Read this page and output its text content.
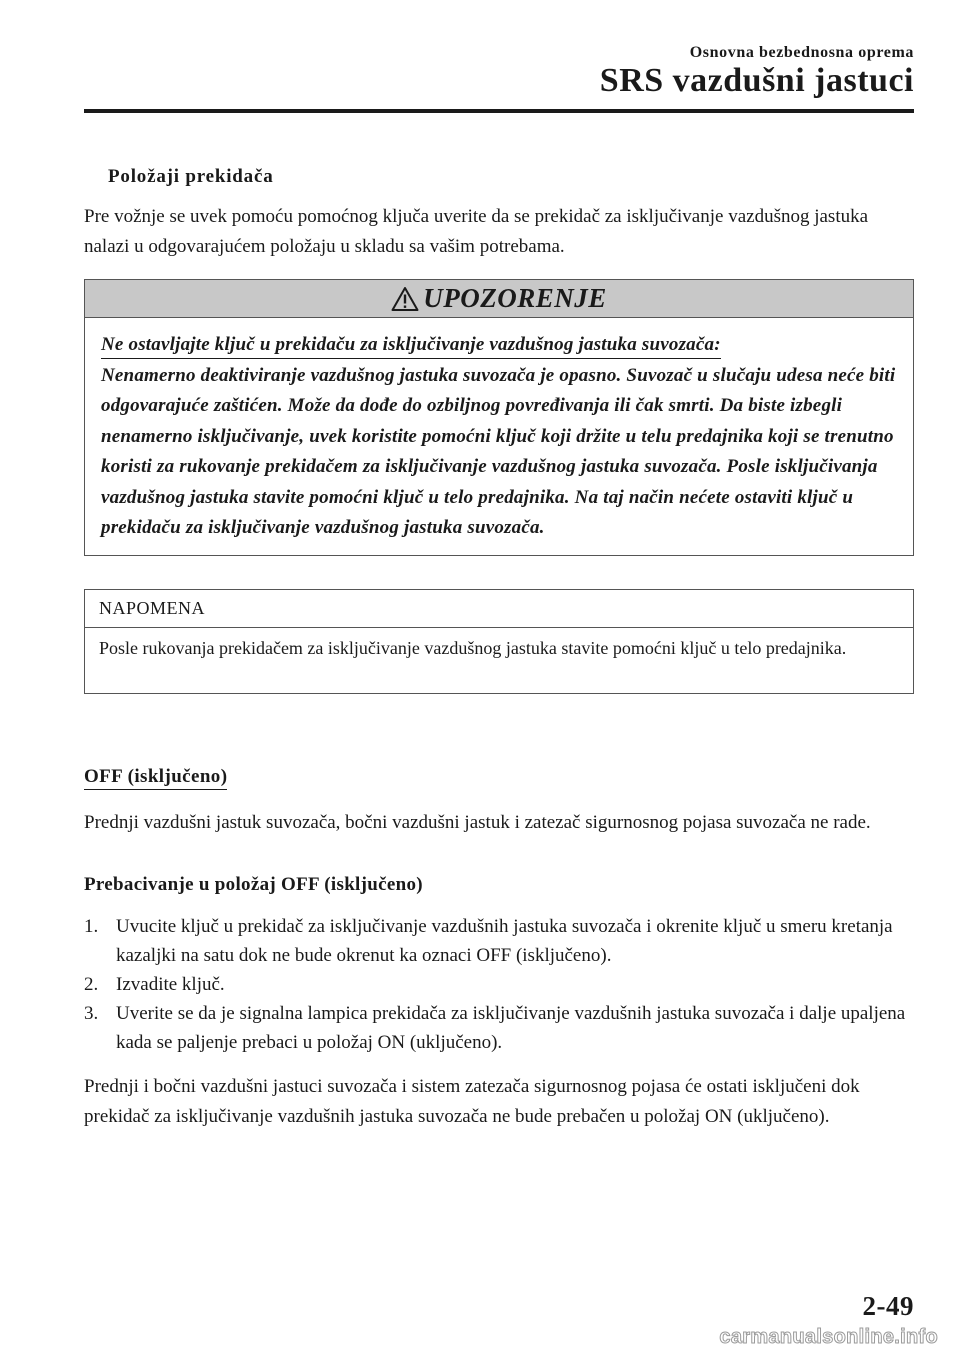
Osnovna bezbednosna oprema
SRS vazdušni jastuci
Položaji prekidača

Pre vožnje se uvek pomoću pomoćnog ključa uverite da se prekidač za isključivanje vazdušnog jastuka nalazi u odgovarajućem položaju u skladu sa vašim potrebama.

UPOZORENJE
Ne ostavljajte ključ u prekidaču za isključivanje vazdušnog jastuka suvozača:
Nenamerno deaktiviranje vazdušnog jastuka suvozača je opasno. Suvozač u slučaju udesa neće biti odgovarajuće zaštićen. Može da dođe do ozbiljnog povređivanja ili čak smrti. Da biste izbegli nenamerno isključivanje, uvek koristite pomoćni ključ koji držite u telu predajnika koji se trenutno koristi za rukovanje prekidačem za isključivanje vazdušnog jastuka suvozača. Posle isključivanja vazdušnog jastuka stavite pomoćni ključ u telo predajnika. Na taj način nećete ostaviti ključ u prekidaču za isključivanje vazdušnog jastuka suvozača.
NAPOMENA
Posle rukovanja prekidačem za isključivanje vazdušnog jastuka stavite pomoćni ključ u telo predajnika.
OFF (isključeno)

Prednji vazdušni jastuk suvozača, bočni vazdušni jastuk i zatezač sigurnosnog pojasa suvozača ne rade.

Prebacivanje u položaj OFF (isključeno)
1. Uvucite ključ u prekidač za isključivanje vazdušnih jastuka suvozača i okrenite ključ u smeru kretanja kazaljki na satu dok ne bude okrenut ka oznaci OFF (isključeno).
2. Izvadite ključ.
3. Uverite se da je signalna lampica prekidača za isključivanje vazdušnih jastuka suvozača i dalje upaljena kada se paljenje prebaci u položaj ON (uključeno).

Prednji i bočni vazdušni jastuci suvozača i sistem zatezača sigurnosnog pojasa će ostati isključeni dok prekidač za isključivanje vazdušnih jastuka suvozača ne bude prebačen u položaj ON (uključeno).

2-49
carmanualsonline.info
